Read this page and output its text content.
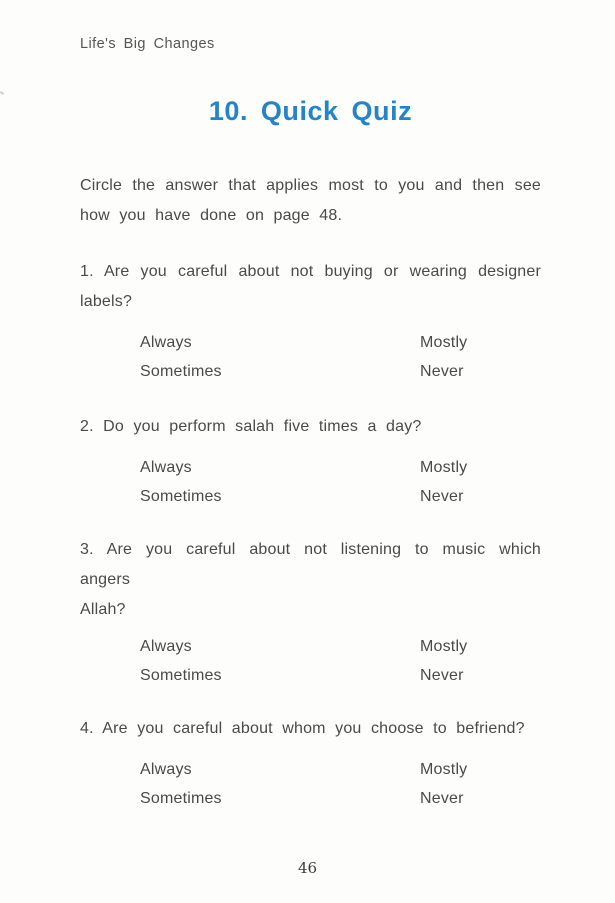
Life's Big Changes
10. Quick Quiz

Circle the answer that applies most to you and then see
how you have done on page 48.

1. Are you careful about not buying or wearing designer
labels?

Always	Mostly
Sometimes	Never

2. Do you perform salah five times a day?

Always	Mostly
Sometimes	Never

3. Are you careful about not listening to music which angers
Allah?

Always	Mostly
Sometimes	Never

4. Are you careful about whom you choose to befriend?

Always	Mostly
Sometimes	Never
46
